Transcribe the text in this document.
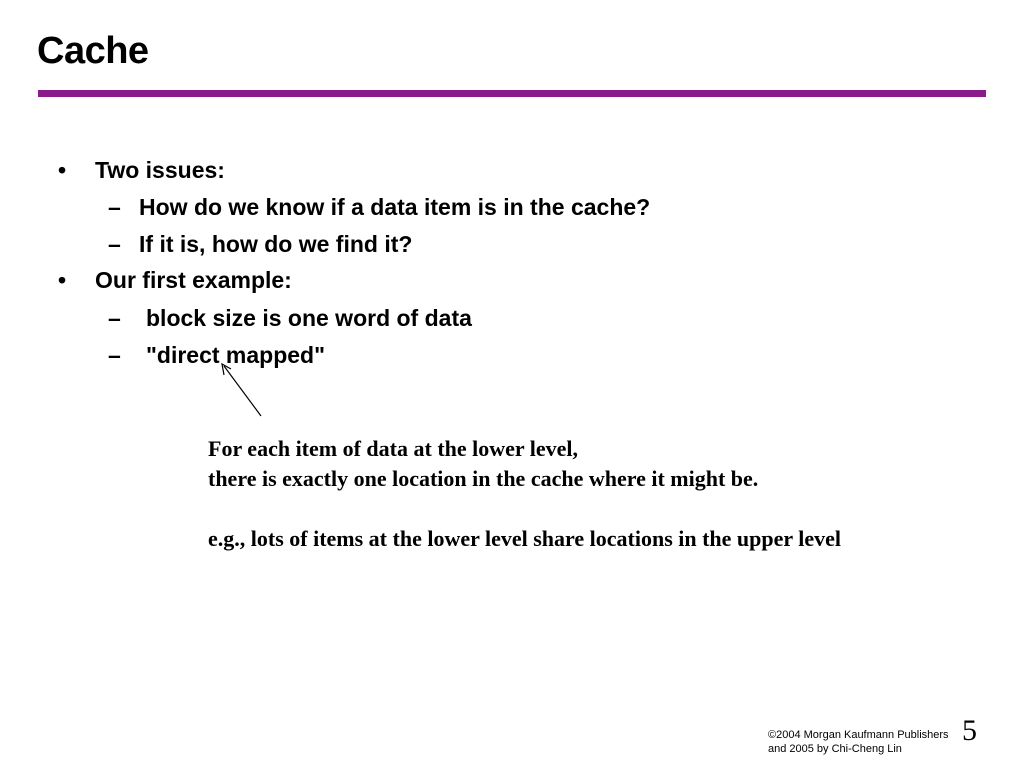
Cache
• Two issues:
– How do we know if a data item is in the cache?
– If it is, how do we find it?
• Our first example:
– block size is one word of data
– "direct mapped"
For each item of data at the lower level,
there is exactly one location in the cache where it might be.
e.g., lots of items at the lower level share locations in the upper level
©2004 Morgan Kaufmann Publishers
and 2005 by Chi-Cheng Lin
5
